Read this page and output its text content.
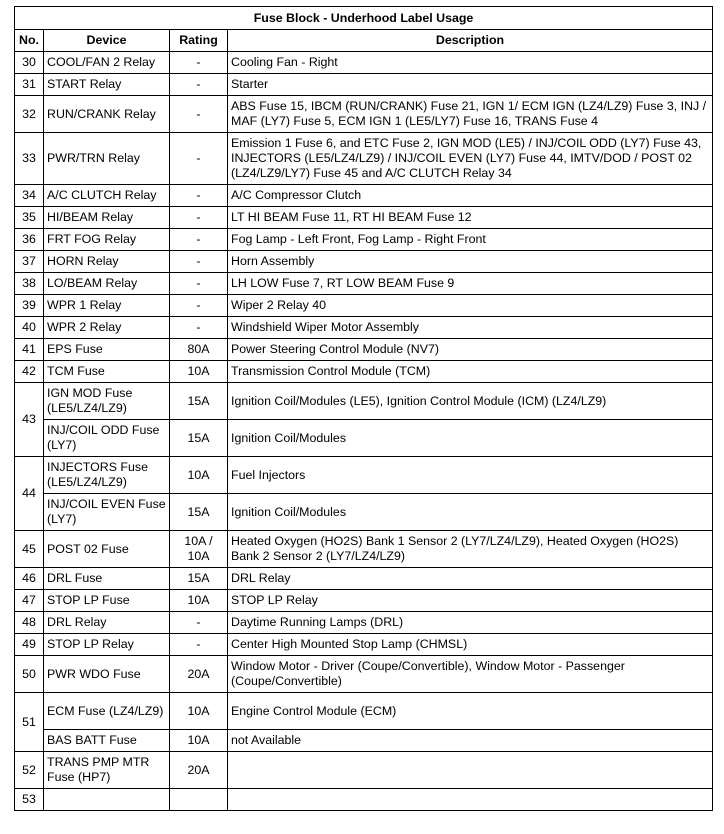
Fuse Block - Underhood Label Usage			
No.	Device	Rating	Description
30	COOL/FAN 2 Relay	-	Cooling Fan - Right
31	START Relay	-	Starter
32	RUN/CRANK Relay	-	ABS Fuse 15, IBCM (RUN/CRANK) Fuse 21, IGN 1/ ECM IGN (LZ4/LZ9) Fuse 3, INJ / MAF (LY7) Fuse 5, ECM IGN 1 (LE5/LY7) Fuse 16, TRANS Fuse 4
33	PWR/TRN Relay	-	Emission 1 Fuse 6, and ETC Fuse 2, IGN MOD (LE5) / INJ/COIL ODD (LY7) Fuse 43, INJECTORS (LE5/LZ4/LZ9) / INJ/COIL EVEN (LY7) Fuse 44, IMTV/DOD / POST 02 (LZ4/LZ9/LY7) Fuse 45 and A/C CLUTCH Relay 34
34	A/C CLUTCH Relay	-	A/C Compressor Clutch
35	HI/BEAM Relay	-	LT HI BEAM Fuse 11, RT HI BEAM Fuse 12
36	FRT FOG Relay	-	Fog Lamp - Left Front, Fog Lamp - Right Front
37	HORN Relay	-	Horn Assembly
38	LO/BEAM Relay	-	LH LOW Fuse 7, RT LOW BEAM Fuse 9
39	WPR 1 Relay	-	Wiper 2 Relay 40
40	WPR 2 Relay	-	Windshield Wiper Motor Assembly
41	EPS Fuse	80A	Power Steering Control Module (NV7)
42	TCM Fuse	10A	Transmission Control Module (TCM)
43	IGN MOD Fuse (LE5/LZ4/LZ9)	15A	Ignition Coil/Modules (LE5), Ignition Control Module (ICM) (LZ4/LZ9)
	INJ/COIL ODD Fuse (LY7)	15A	Ignition Coil/Modules
44	INJECTORS Fuse (LE5/LZ4/LZ9)	10A	Fuel Injectors
	INJ/COIL EVEN Fuse (LY7)	15A	Ignition Coil/Modules
45	POST 02 Fuse	10A / 10A	Heated Oxygen (HO2S) Bank 1 Sensor 2 (LY7/LZ4/LZ9), Heated Oxygen (HO2S) Bank 2 Sensor 2 (LY7/LZ4/LZ9)
46	DRL Fuse	15A	DRL Relay
47	STOP LP Fuse	10A	STOP LP Relay
48	DRL Relay	-	Daytime Running Lamps (DRL)
49	STOP LP Relay	-	Center High Mounted Stop Lamp (CHMSL)
50	PWR WDO Fuse	20A	Window Motor - Driver (Coupe/Convertible), Window Motor - Passenger (Coupe/Convertible)
51	ECM Fuse (LZ4/LZ9)	10A	Engine Control Module (ECM)
	BAS BATT Fuse	10A	not Available
52	TRANS PMP MTR Fuse (HP7)	20A	
53			
